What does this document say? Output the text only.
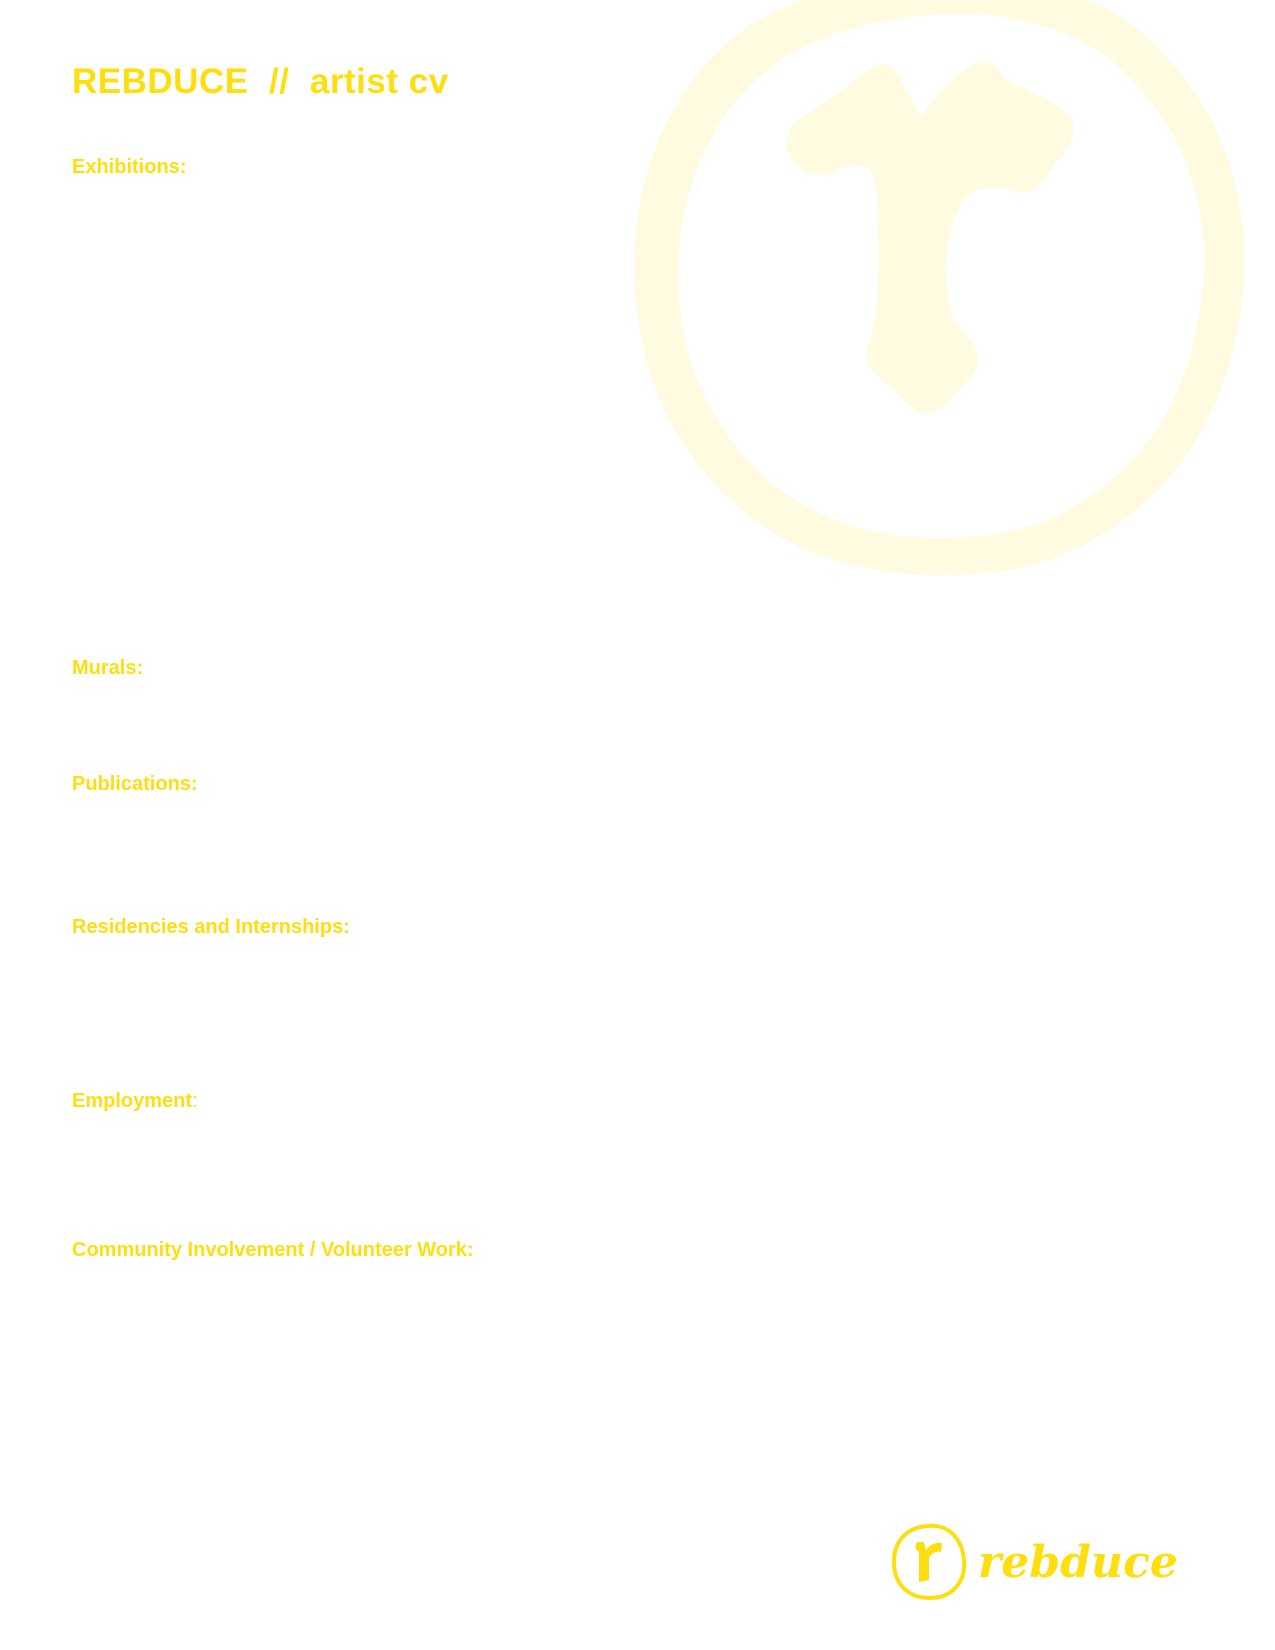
REBDUCE  //  artist cv
Exhibitions:
Murals:
Publications:
Residencies and Internships:
Employment:
Community Involvement / Volunteer Work:
rebduce
